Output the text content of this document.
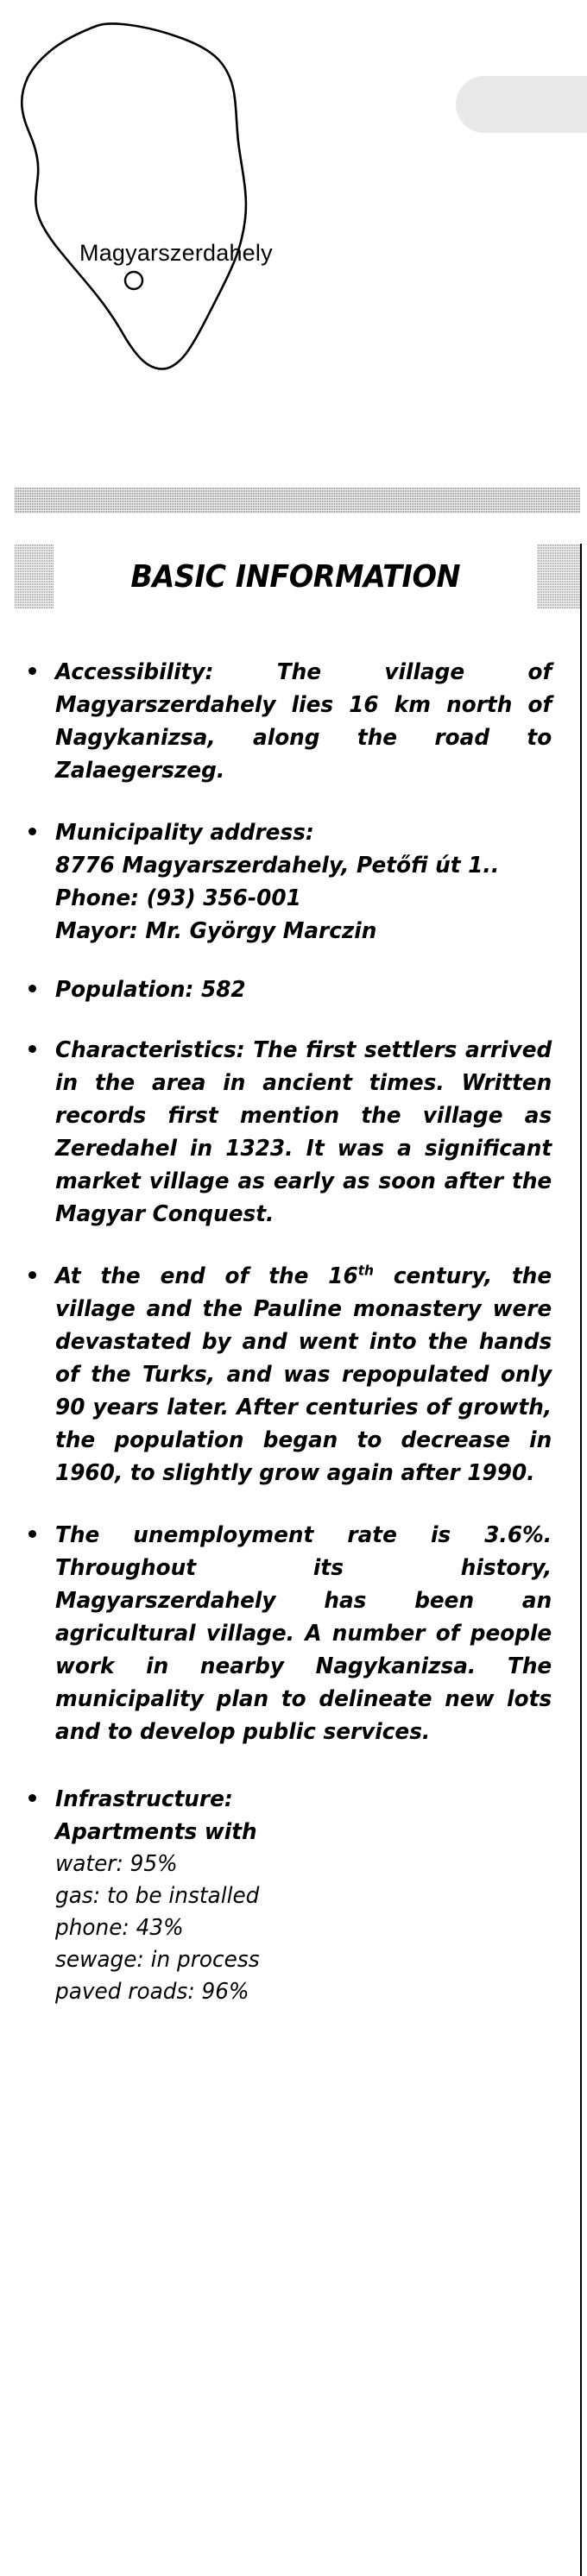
Magyarszerdahely
BASIC INFORMATION
Accessibility: The village of Magyarszerdahely lies 16 km north of Nagykanizsa, along the road to Zalaegerszeg.
Municipality address:
8776 Magyarszerdahely, Petőfi út 1..
Phone: (93) 356-001
Mayor: Mr. György Marczin
Population: 582
Characteristics: The first settlers arrived in the area in ancient times. Written records first mention the village as Zeredahel in 1323. It was a significant market village as early as soon after the Magyar Conquest.
At the end of the 16th century, the village and the Pauline monastery were devastated by and went into the hands of the Turks, and was repopulated only 90 years later. After centuries of growth, the population began to decrease in 1960, to slightly grow again after 1990.
The unemployment rate is 3.6%. Throughout its history, Magyarszerdahely has been an agricultural village. A number of people work in nearby Nagykanizsa. The municipality plan to delineate new lots and to develop public services.
Infrastructure:
Apartments with
water: 95%
gas: to be installed
phone: 43%
sewage: in process
paved roads: 96%
